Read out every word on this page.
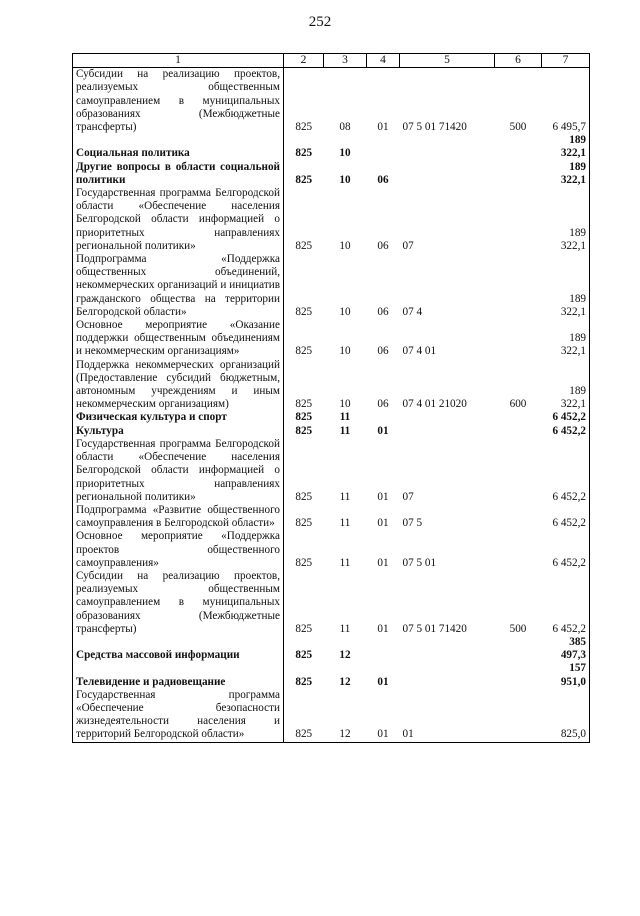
252
1	2	3	4	5	6	7
Субсидии на реализацию проектов, реализуемых общественным самоуправлением в муниципальных образованиях (Межбюджетные трансферты)	825	08	01	07 5 01 71420	500	6 495,7
Социальная политика	825	10				189 322,1
Другие вопросы в области социальной политики	825	10	06			189 322,1
Государственная программа Белгородской области «Обеспечение населения Белгородской области информацией о приоритетных направлениях региональной политики»	825	10	06	07		189 322,1
Подпрограмма «Поддержка общественных объединений, некоммерческих организаций и инициатив гражданского общества на территории Белгородской области»	825	10	06	07 4		189 322,1
Основное мероприятие «Оказание поддержки общественным объединениям и некоммерческим организациям»	825	10	06	07 4 01		189 322,1
Поддержка некоммерческих организаций (Предоставление субсидий бюджетным, автономным учреждениям и иным некоммерческим организациям)	825	10	06	07 4 01 21020	600	189 322,1
Физическая культура и спорт	825	11				6 452,2
Культура	825	11	01			6 452,2
Государственная программа Белгородской области «Обеспечение населения Белгородской области информацией о приоритетных направлениях региональной политики»	825	11	01	07		6 452,2
Подпрограмма «Развитие общественного самоуправления в Белгородской области»	825	11	01	07 5		6 452,2
Основное мероприятие «Поддержка проектов общественного самоуправления»	825	11	01	07 5 01		6 452,2
Субсидии на реализацию проектов, реализуемых общественным самоуправлением в муниципальных образованиях (Межбюджетные трансферты)	825	11	01	07 5 01 71420	500	6 452,2
Средства массовой информации	825	12				385 497,3
Телевидение и радиовещание	825	12	01			157 951,0
Государственная программа «Обеспечение безопасности жизнедеятельности населения и территорий Белгородской области»	825	12	01	01		825,0
